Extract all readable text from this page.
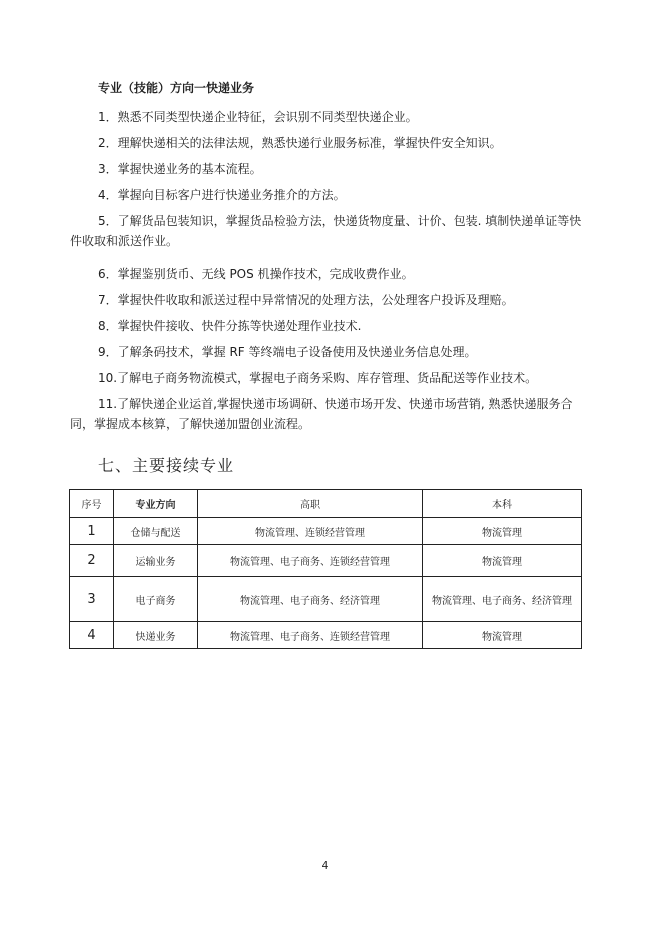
专业（技能）方向一快递业务
1．熟悉不同类型快递企业特征，会识别不同类型快递企业。
2．理解快递相关的法律法规，熟悉快递行业服务标准，掌握快件安全知识。
3．掌握快递业务的基本流程。
4．掌握向目标客户进行快递业务推介的方法。
5．了解货品包装知识，掌握货品检验方法，快递货物度量、计价、包装. 填制快递单证等快件收取和派送作业。
6．掌握鉴别货币、无线 POS 机操作技术，完成收费作业。
7．掌握快件收取和派送过程中异常情况的处理方法，公处理客户投诉及理赔。
8．掌握快件接收、快件分拣等快递处理作业技术.
9．了解条码技术，掌握 RF 等终端电子设备使用及快递业务信息处理。
10.了解电子商务物流模式，掌握电子商务采购、库存管理、货品配送等作业技术。
11.了解快递企业运首,掌握快递市场调研、快递市场开发、快递市场营销, 熟悉快递服务合同，掌握成本核算，了解快递加盟创业流程。
七、主要接续专业
序号	专业方向	高职	本科
1	仓储与配送	物流管理、连锁经营管理	物流管理
2	运输业务	物流管理、电子商务、连锁经营管理	物流管理
3	电子商务	物流管理、电子商务、经济管理	物流管理、电子商务、经济管理
4	快递业务	物流管理、电子商务、连锁经营管理	物流管理
4
